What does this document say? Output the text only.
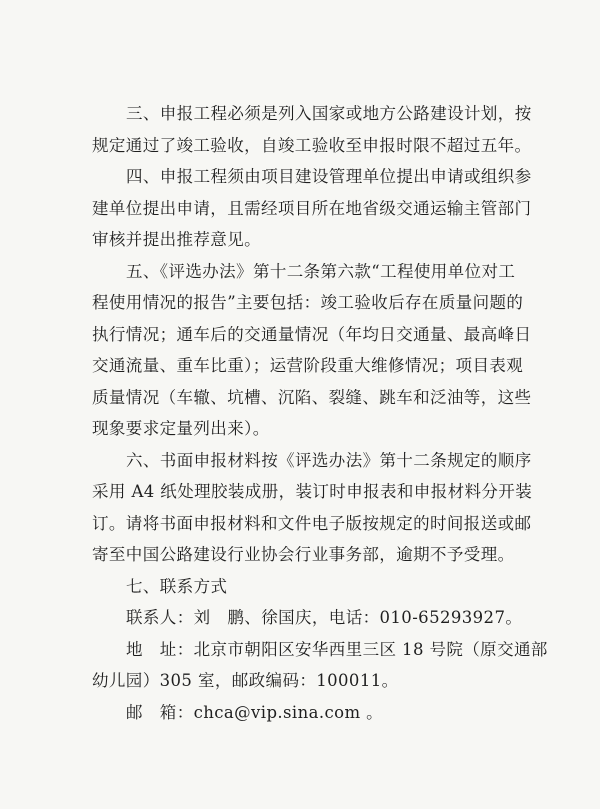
三、申报工程必须是列入国家或地方公路建设计划，按
规定通过了竣工验收，自竣工验收至申报时限不超过五年。
四、申报工程须由项目建设管理单位提出申请或组织参
建单位提出申请，且需经项目所在地省级交通运输主管部门
审核并提出推荐意见。
五、《评选办法》第十二条第六款“工程使用单位对工
程使用情况的报告”主要包括：竣工验收后存在质量问题的
执行情况；通车后的交通量情况（年均日交通量、最高峰日
交通流量、重车比重）；运营阶段重大维修情况；项目表观
质量情况（车辙、坑槽、沉陷、裂缝、跳车和泛油等，这些
现象要求定量列出来）。
六、书面申报材料按《评选办法》第十二条规定的顺序
采用 A4 纸处理胶装成册，装订时申报表和申报材料分开装
订。请将书面申报材料和文件电子版按规定的时间报送或邮
寄至中国公路建设行业协会行业事务部，逾期不予受理。
七、联系方式
联系人：刘　鹏、徐国庆，电话：010-65293927。
地　址：北京市朝阳区安华西里三区 18 号院（原交通部
幼儿园）305 室，邮政编码：100011。
邮　箱：chca@vip.sina.com 。
